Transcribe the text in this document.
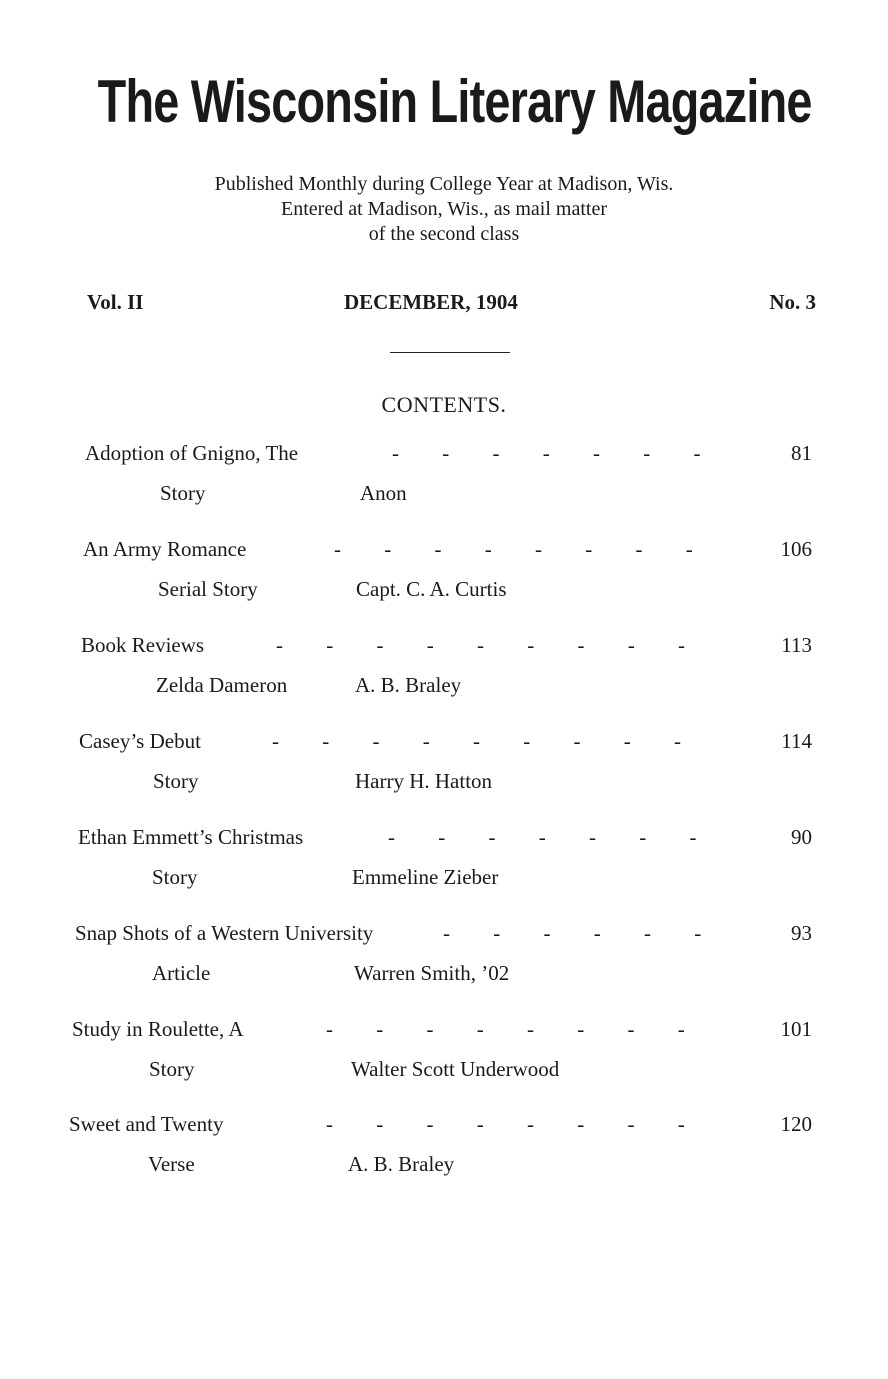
The Wisconsin Literary Magazine
Published Monthly during College Year at Madison, Wis.
Entered at Madison, Wis., as mail matter
of the second class
Vol. II	DECEMBER, 1904	No. 3
CONTENTS.
Adoption of Gnigno, The	- - - - - - -	81
Story	Anon
An Army Romance	- - - - - - - -	106
Serial Story	Capt. C. A. Curtis
Book Reviews	- - - - - - - - -	113
Zelda Dameron	A. B. Braley
Casey’s Debut	- - - - - - - - -	114
Story	Harry H. Hatton
Ethan Emmett’s Christmas	- - - - - - -	90
Story	Emmeline Zieber
Snap Shots of a Western University	- - - - - -	93
Article	Warren Smith, ’02
Study in Roulette, A	- - - - - - - -	101
Story	Walter Scott Underwood
Sweet and Twenty	- - - - - - - -	120
Verse	A. B. Braley
